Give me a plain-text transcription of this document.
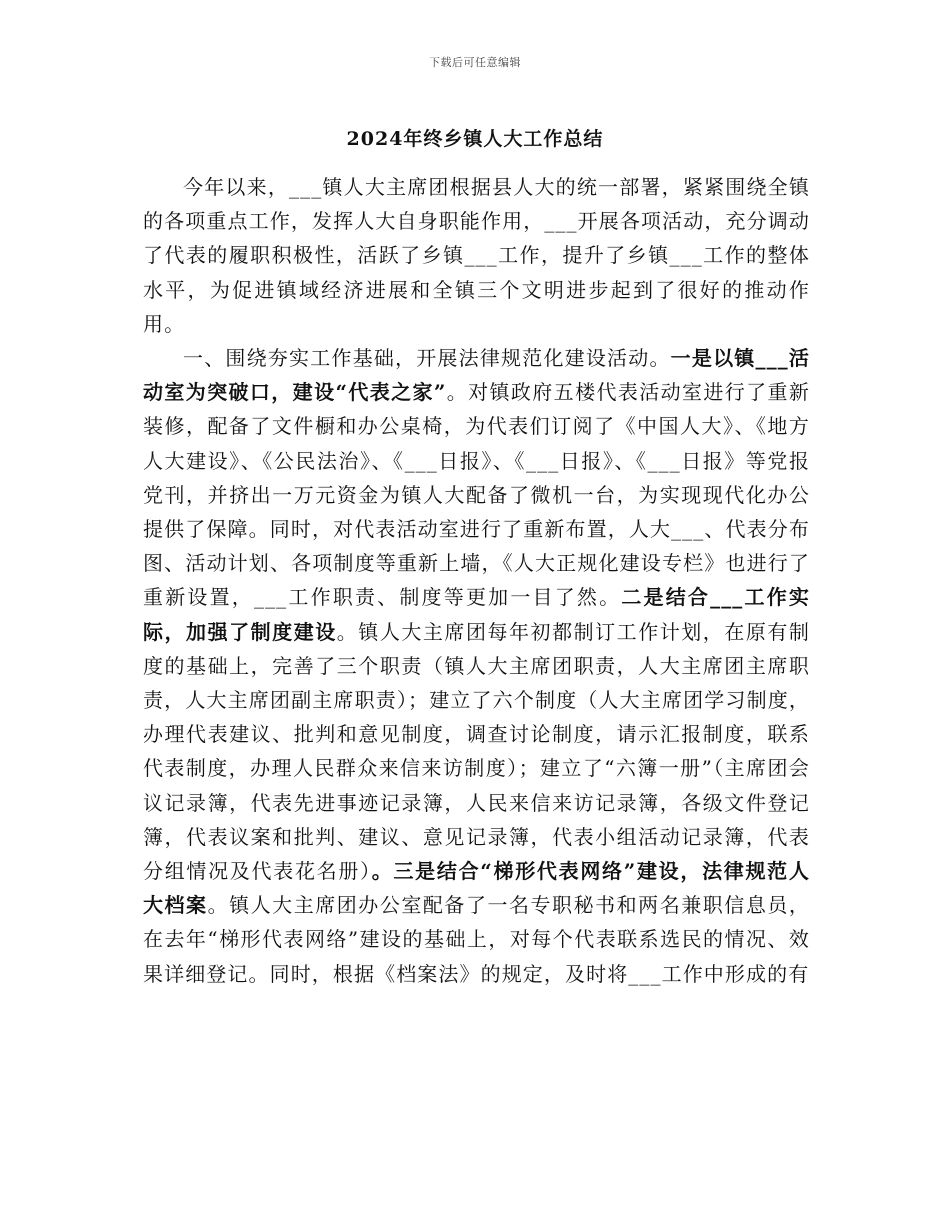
下载后可任意编辑
2024年终乡镇人大工作总结

今年以来，___镇人大主席团根据县人大的统一部署，紧紧围绕全镇的各项重点工作，发挥人大自身职能作用，___开展各项活动，充分调动了代表的履职积极性，活跃了乡镇___工作，提升了乡镇___工作的整体水平，为促进镇域经济进展和全镇三个文明进步起到了很好的推动作用。

一、围绕夯实工作基础，开展法律规范化建设活动。一是以镇___活动室为突破口，建设“代表之家”。对镇政府五楼代表活动室进行了重新装修，配备了文件橱和办公桌椅，为代表们订阅了《中国人大》、《地方人大建设》、《公民法治》、《___日报》、《___日报》、《___日报》等党报党刊，并挤出一万元资金为镇人大配备了微机一台，为实现现代化办公提供了保障。同时，对代表活动室进行了重新布置，人大___、代表分布图、活动计划、各项制度等重新上墙，《人大正规化建设专栏》也进行了重新设置，___工作职责、制度等更加一目了然。二是结合___工作实际，加强了制度建设。镇人大主席团每年初都制订工作计划，在原有制度的基础上，完善了三个职责（镇人大主席团职责，人大主席团主席职责，人大主席团副主席职责）；建立了六个制度（人大主席团学习制度，办理代表建议、批判和意见制度，调查讨论制度，请示汇报制度，联系代表制度，办理人民群众来信来访制度）；建立了“六簿一册”（主席团会议记录簿，代表先进事迹记录簿，人民来信来访记录簿，各级文件登记簿，代表议案和批判、建议、意见记录簿，代表小组活动记录簿，代表分组情况及代表花名册）。三是结合“梯形代表网络”建设，法律规范人大档案。镇人大主席团办公室配备了一名专职秘书和两名兼职信息员，在去年“梯形代表网络”建设的基础上，对每个代表联系选民的情况、效果详细登记。同时，根据《档案法》的规定，及时将___工作中形成的有
